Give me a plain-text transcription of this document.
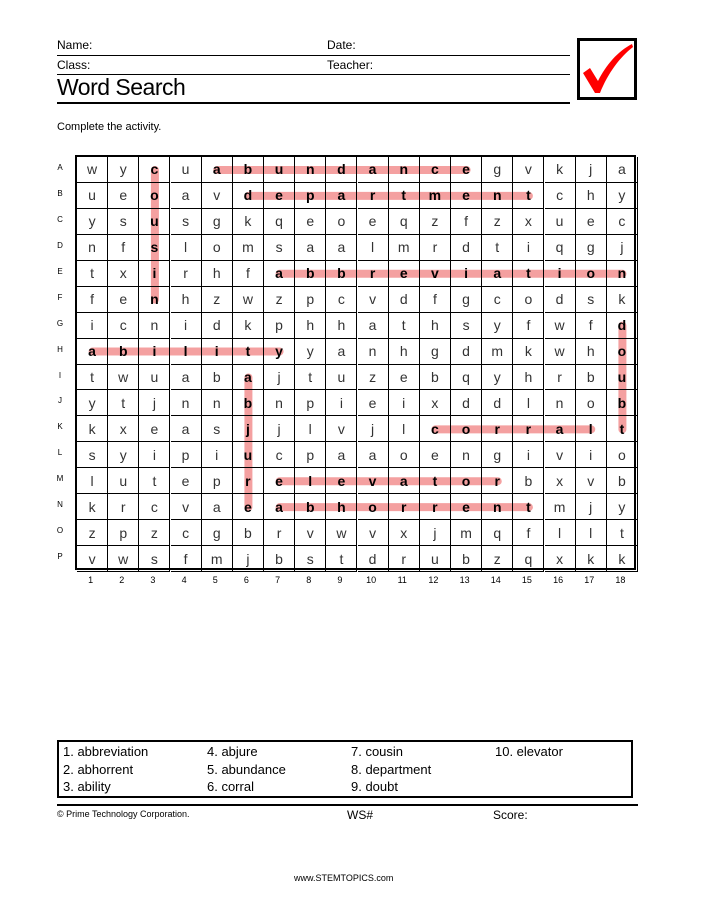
Name:	Date:
Class:	Teacher:
Word Search
Complete the activity.
w	y	c	u	a	b	u	n	d	a	n	c	e	g	v	k	j	a
u	e	o	a	v	d	e	p	a	r	t	m	e	n	t	c	h	y
y	s	u	s	g	k	q	e	o	e	q	z	f	z	x	u	e	c
n	f	s	l	o	m	s	a	a	l	m	r	d	t	i	q	g	j
t	x	i	r	h	f	a	b	b	r	e	v	i	a	t	i	o	n
f	e	n	h	z	w	z	p	c	v	d	f	g	c	o	d	s	k
i	c	n	i	d	k	p	h	h	a	t	h	s	y	f	w	f	d
a	b	i	l	i	t	y	y	a	n	h	g	d	m	k	w	h	o
t	w	u	a	b	a	j	t	u	z	e	b	q	y	h	r	b	u
y	t	j	n	n	b	n	p	i	e	i	x	d	d	l	n	o	b
k	x	e	a	s	j	j	l	v	j	l	c	o	r	r	a	l	t
s	y	i	p	i	u	c	p	a	a	o	e	n	g	i	v	i	o
l	u	t	e	p	r	e	l	e	v	a	t	o	r	b	x	v	b
k	r	c	v	a	e	a	b	h	o	r	r	e	n	t	m	j	y
z	p	z	c	g	b	r	v	w	v	x	j	m	q	f	l	l	t
v	w	s	f	m	j	b	s	t	d	r	u	b	z	q	x	k	k
1. abbreviation
2. abhorrent
3. ability
4. abjure
5. abundance
6. corral
7. cousin
8. department
9. doubt
10. elevator
© Prime Technology Corporation.	WS#	Score:
www.STEMTOPICS.com
A
B
C
D
E
F
G
H
I
J
K
L
M
N
O
P
1	2	3	4	5	6	7	8	9	10	11	12	13	14	15	16	17	18
